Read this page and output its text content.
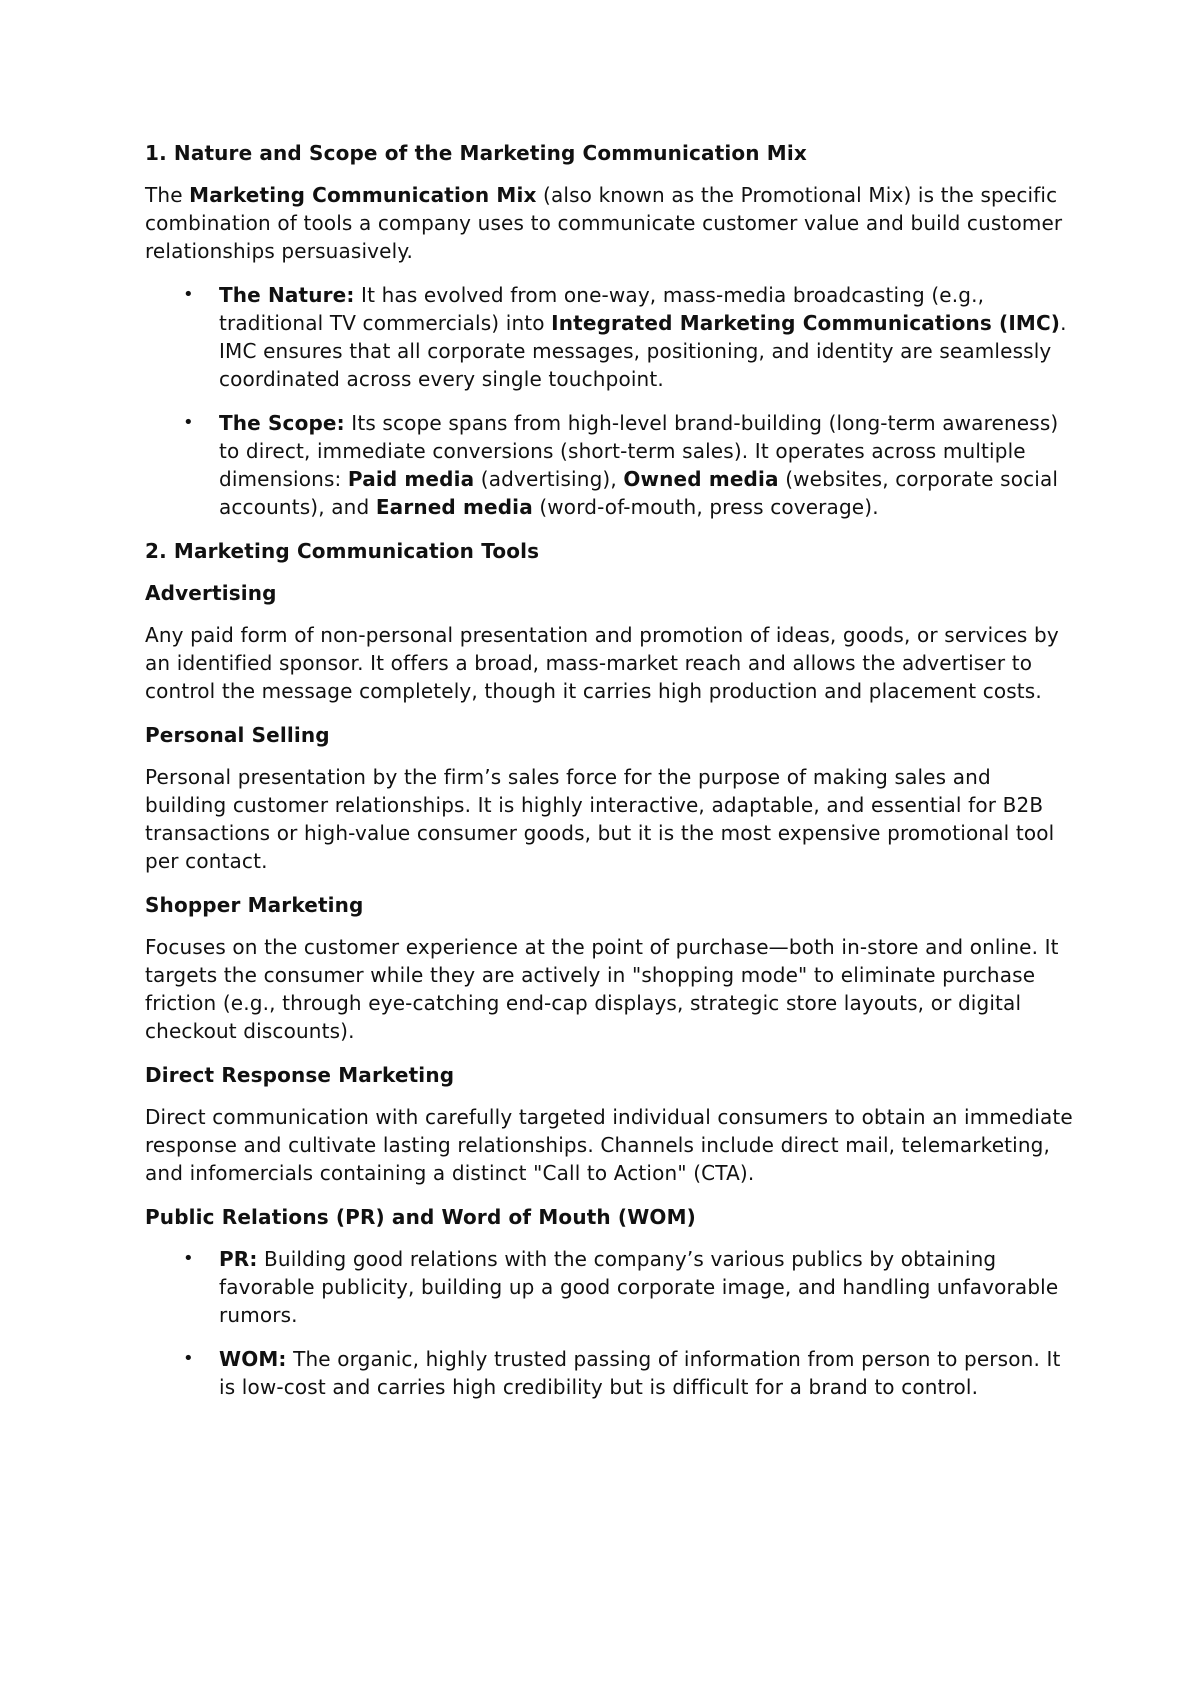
1. Nature and Scope of the Marketing Communication Mix

The Marketing Communication Mix (also known as the Promotional Mix) is the specific combination of tools a company uses to communicate customer value and build customer relationships persuasively.

• The Nature: It has evolved from one-way, mass-media broadcasting (e.g., traditional TV commercials) into Integrated Marketing Communications (IMC). IMC ensures that all corporate messages, positioning, and identity are seamlessly coordinated across every single touchpoint.
• The Scope: Its scope spans from high-level brand-building (long-term awareness) to direct, immediate conversions (short-term sales). It operates across multiple dimensions: Paid media (advertising), Owned media (websites, corporate social accounts), and Earned media (word-of-mouth, press coverage).
2. Marketing Communication Tools
Advertising

Any paid form of non-personal presentation and promotion of ideas, goods, or services by an identified sponsor. It offers a broad, mass-market reach and allows the advertiser to control the message completely, though it carries high production and placement costs.

Personal Selling

Personal presentation by the firm’s sales force for the purpose of making sales and building customer relationships. It is highly interactive, adaptable, and essential for B2B transactions or high-value consumer goods, but it is the most expensive promotional tool per contact.

Shopper Marketing

Focuses on the customer experience at the point of purchase—both in-store and online. It targets the consumer while they are actively in "shopping mode" to eliminate purchase friction (e.g., through eye-catching end-cap displays, strategic store layouts, or digital checkout discounts).

Direct Response Marketing

Direct communication with carefully targeted individual consumers to obtain an immediate response and cultivate lasting relationships. Channels include direct mail, telemarketing, and infomercials containing a distinct "Call to Action" (CTA).

Public Relations (PR) and Word of Mouth (WOM)
• PR: Building good relations with the company’s various publics by obtaining favorable publicity, building up a good corporate image, and handling unfavorable rumors.
• WOM: The organic, highly trusted passing of information from person to person. It is low-cost and carries high credibility but is difficult for a brand to control.
